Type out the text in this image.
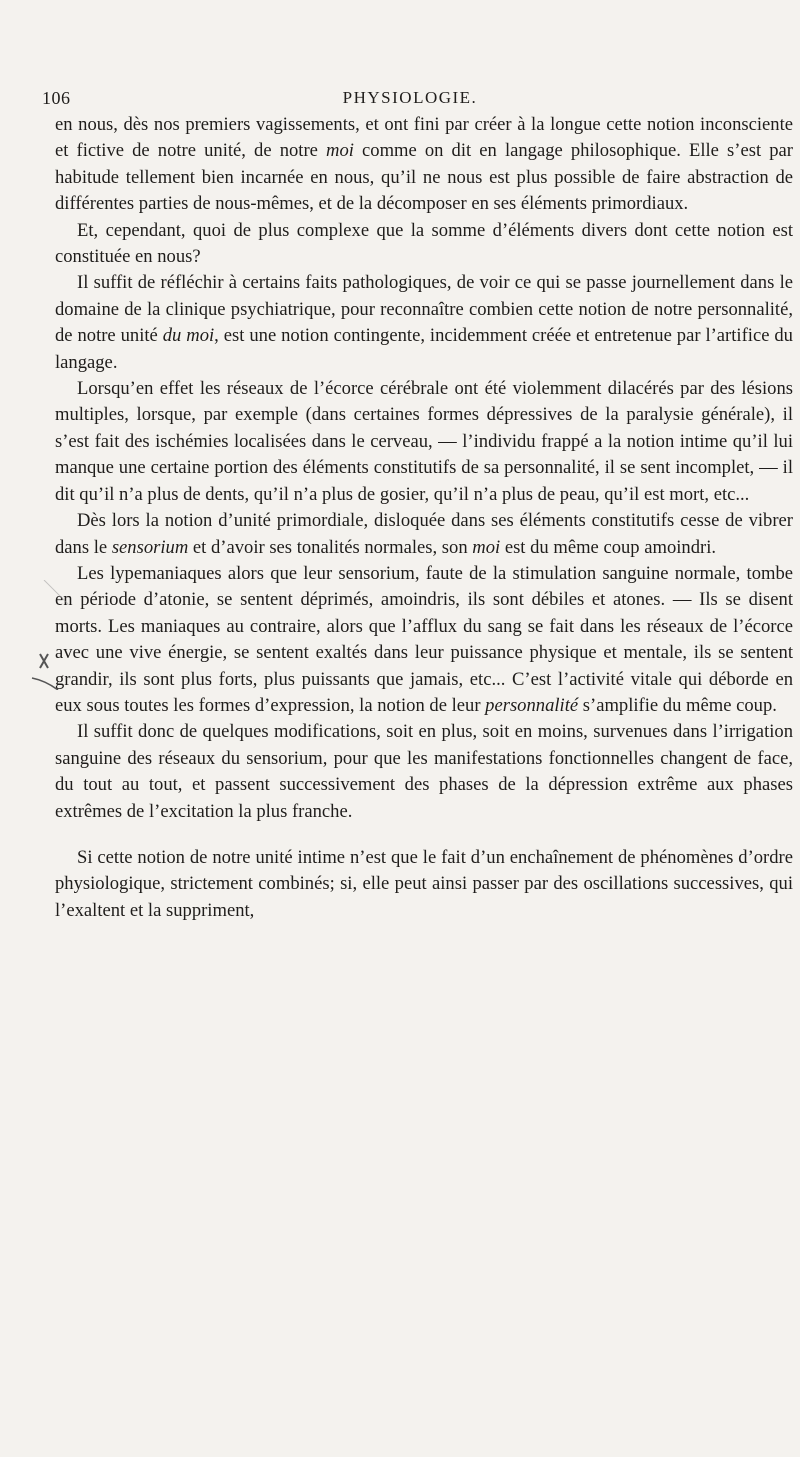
106	PHYSIOLOGIE.

en nous, dès nos premiers vagissements, et ont fini par créer à la longue cette notion inconsciente et fictive de notre unité, de notre moi comme on dit en langage philosophique. Elle s’est par habitude tellement bien incarnée en nous, qu’il ne nous est plus possible de faire abstraction de différentes parties de nous-mêmes, et de la décomposer en ses éléments primordiaux.

Et, cependant, quoi de plus complexe que la somme d’éléments divers dont cette notion est constituée en nous?

Il suffit de réfléchir à certains faits pathologiques, de voir ce qui se passe journellement dans le domaine de la clinique psychiatrique, pour reconnaître combien cette notion de notre personnalité, de notre unité du moi, est une notion contingente, incidemment créée et entretenue par l’artifice du langage.

Lorsqu’en effet les réseaux de l’écorce cérébrale ont été violemment dilacérés par des lésions multiples, lorsque, par exemple (dans certaines formes dépressives de la paralysie générale), il s’est fait des ischémies localisées dans le cerveau, — l’individu frappé a la notion intime qu’il lui manque une certaine portion des éléments constitutifs de sa personnalité, il se sent incomplet, — il dit qu’il n’a plus de dents, qu’il n’a plus de gosier, qu’il n’a plus de peau, qu’il est mort, etc...

Dès lors la notion d’unité primordiale, disloquée dans ses éléments constitutifs cesse de vibrer dans le sensorium et d’avoir ses tonalités normales, son moi est du même coup amoindri.

Les lypemaniaques alors que leur sensorium, faute de la stimulation sanguine normale, tombe en période d’atonie, se sentent déprimés, amoindris, ils sont débiles et atones. — Ils se disent morts. Les maniaques au contraire, alors que l’afflux du sang se fait dans les réseaux de l’écorce avec une vive énergie, se sentent exaltés dans leur puissance physique et mentale, ils se sentent grandir, ils sont plus forts, plus puissants que jamais, etc... C’est l’activité vitale qui déborde en eux sous toutes les formes d’expression, la notion de leur personnalité s’amplifie du même coup.

Il suffit donc de quelques modifications, soit en plus, soit en moins, survenues dans l’irrigation sanguine des réseaux du sensorium, pour que les manifestations fonctionnelles changent de face, du tout au tout, et passent successivement des phases de la dépression extrême aux phases extrêmes de l’excitation la plus franche.

Si cette notion de notre unité intime n’est que le fait d’un enchaînement de phénomènes d’ordre physiologique, strictement combinés; si, elle peut ainsi passer par des oscillations successives, qui l’exaltent et la suppriment,
